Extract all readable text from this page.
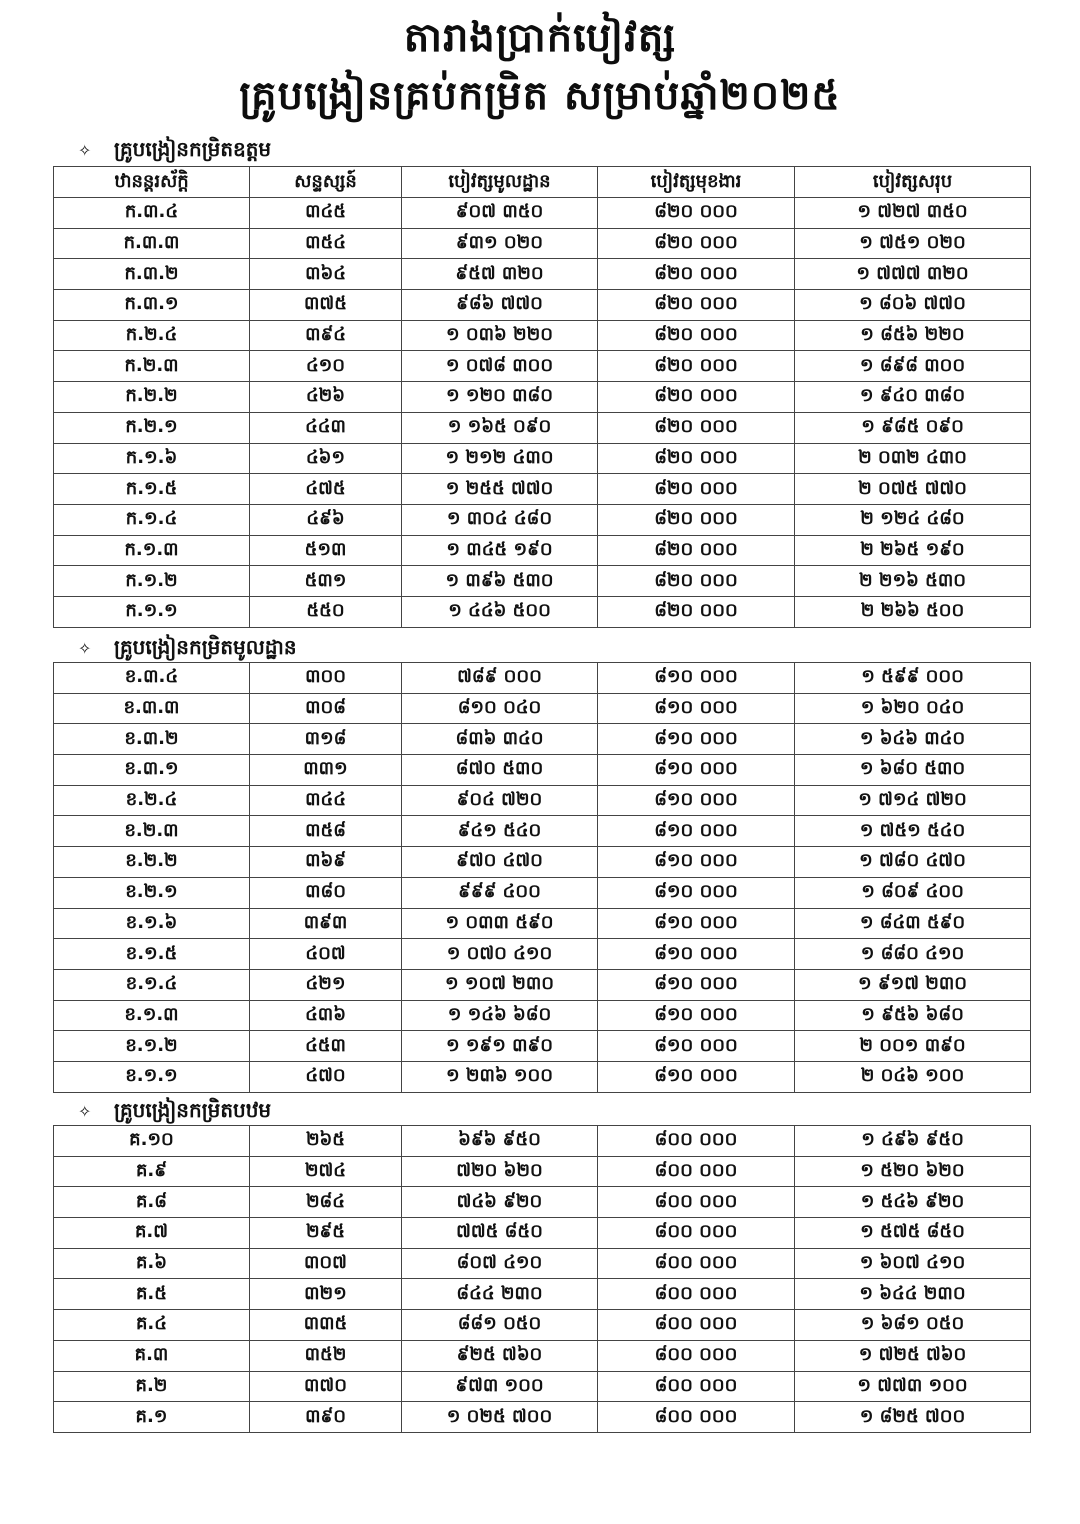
តារាងប្រាក់បៀវត្ស
គ្រូបង្រៀនគ្រប់កម្រិត សម្រាប់ឆ្នាំ២០២៥
✧ គ្រូបង្រៀនកម្រិតឧត្តម
ឋានន្តរស័ក្តិ	សន្ទស្សន៍	បៀវត្សមូលដ្ឋាន	បៀវត្សមុខងារ	បៀវត្សសរុប
ក.៣.៤	៣៤៥	៩០៧ ៣៥០	៨២០ ០០០	១ ៧២៧ ៣៥០
ក.៣.៣	៣៥៤	៩៣១ ០២០	៨២០ ០០០	១ ៧៥១ ០២០
ក.៣.២	៣៦៤	៩៥៧ ៣២០	៨២០ ០០០	១ ៧៧៧ ៣២០
ក.៣.១	៣៧៥	៩៨៦ ៧៧០	៨២០ ០០០	១ ៨០៦ ៧៧០
ក.២.៤	៣៩៤	១ ០៣៦ ២២០	៨២០ ០០០	១ ៨៥៦ ២២០
ក.២.៣	៤១០	១ ០៧៨ ៣០០	៨២០ ០០០	១ ៨៩៨ ៣០០
ក.២.២	៤២៦	១ ១២០ ៣៨០	៨២០ ០០០	១ ៩៤០ ៣៨០
ក.២.១	៤៤៣	១ ១៦៥ ០៩០	៨២០ ០០០	១ ៩៨៥ ០៩០
ក.១.៦	៤៦១	១ ២១២ ៤៣០	៨២០ ០០០	២ ០៣២ ៤៣០
ក.១.៥	៤៧៥	១ ២៥៥ ៧៧០	៨២០ ០០០	២ ០៧៥ ៧៧០
ក.១.៤	៤៩៦	១ ៣០៤ ៤៨០	៨២០ ០០០	២ ១២៤ ៤៨០
ក.១.៣	៥១៣	១ ៣៤៥ ១៩០	៨២០ ០០០	២ ២៦៥ ១៩០
ក.១.២	៥៣១	១ ៣៩៦ ៥៣០	៨២០ ០០០	២ ២១៦ ៥៣០
ក.១.១	៥៥០	១ ៤៤៦ ៥០០	៨២០ ០០០	២ ២៦៦ ៥០០
✧ គ្រូបង្រៀនកម្រិតមូលដ្ឋាន
ខ.៣.៤	៣០០	៧៨៩ ០០០	៨១០ ០០០	១ ៥៩៩ ០០០
ខ.៣.៣	៣០៨	៨១០ ០៤០	៨១០ ០០០	១ ៦២០ ០៤០
ខ.៣.២	៣១៨	៨៣៦ ៣៤០	៨១០ ០០០	១ ៦៤៦ ៣៤០
ខ.៣.១	៣៣១	៨៧០ ៥៣០	៨១០ ០០០	១ ៦៨០ ៥៣០
ខ.២.៤	៣៤៤	៩០៤ ៧២០	៨១០ ០០០	១ ៧១៤ ៧២០
ខ.២.៣	៣៥៨	៩៤១ ៥៤០	៨១០ ០០០	១ ៧៥១ ៥៤០
ខ.២.២	៣៦៩	៩៧០ ៤៧០	៨១០ ០០០	១ ៧៨០ ៤៧០
ខ.២.១	៣៨០	៩៩៩ ៤០០	៨១០ ០០០	១ ៨០៩ ៤០០
ខ.១.៦	៣៩៣	១ ០៣៣ ៥៩០	៨១០ ០០០	១ ៨៤៣ ៥៩០
ខ.១.៥	៤០៧	១ ០៧០ ៤១០	៨១០ ០០០	១ ៨៨០ ៤១០
ខ.១.៤	៤២១	១ ១០៧ ២៣០	៨១០ ០០០	១ ៩១៧ ២៣០
ខ.១.៣	៤៣៦	១ ១៤៦ ៦៨០	៨១០ ០០០	១ ៩៥៦ ៦៨០
ខ.១.២	៤៥៣	១ ១៩១ ៣៩០	៨១០ ០០០	២ ០០១ ៣៩០
ខ.១.១	៤៧០	១ ២៣៦ ១០០	៨១០ ០០០	២ ០៤៦ ១០០
✧ គ្រូបង្រៀនកម្រិតបឋម
គ.១០	២៦៥	៦៩៦ ៩៥០	៨០០ ០០០	១ ៤៩៦ ៩៥០
គ.៩	២៧៤	៧២០ ៦២០	៨០០ ០០០	១ ៥២០ ៦២០
គ.៨	២៨៤	៧៤៦ ៩២០	៨០០ ០០០	១ ៥៤៦ ៩២០
គ.៧	២៩៥	៧៧៥ ៨៥០	៨០០ ០០០	១ ៥៧៥ ៨៥០
គ.៦	៣០៧	៨០៧ ៤១០	៨០០ ០០០	១ ៦០៧ ៤១០
គ.៥	៣២១	៨៤៤ ២៣០	៨០០ ០០០	១ ៦៤៤ ២៣០
គ.៤	៣៣៥	៨៨១ ០៥០	៨០០ ០០០	១ ៦៨១ ០៥០
គ.៣	៣៥២	៩២៥ ៧៦០	៨០០ ០០០	១ ៧២៥ ៧៦០
គ.២	៣៧០	៩៧៣ ១០០	៨០០ ០០០	១ ៧៧៣ ១០០
គ.១	៣៩០	១ ០២៥ ៧០០	៨០០ ០០០	១ ៨២៥ ៧០០
